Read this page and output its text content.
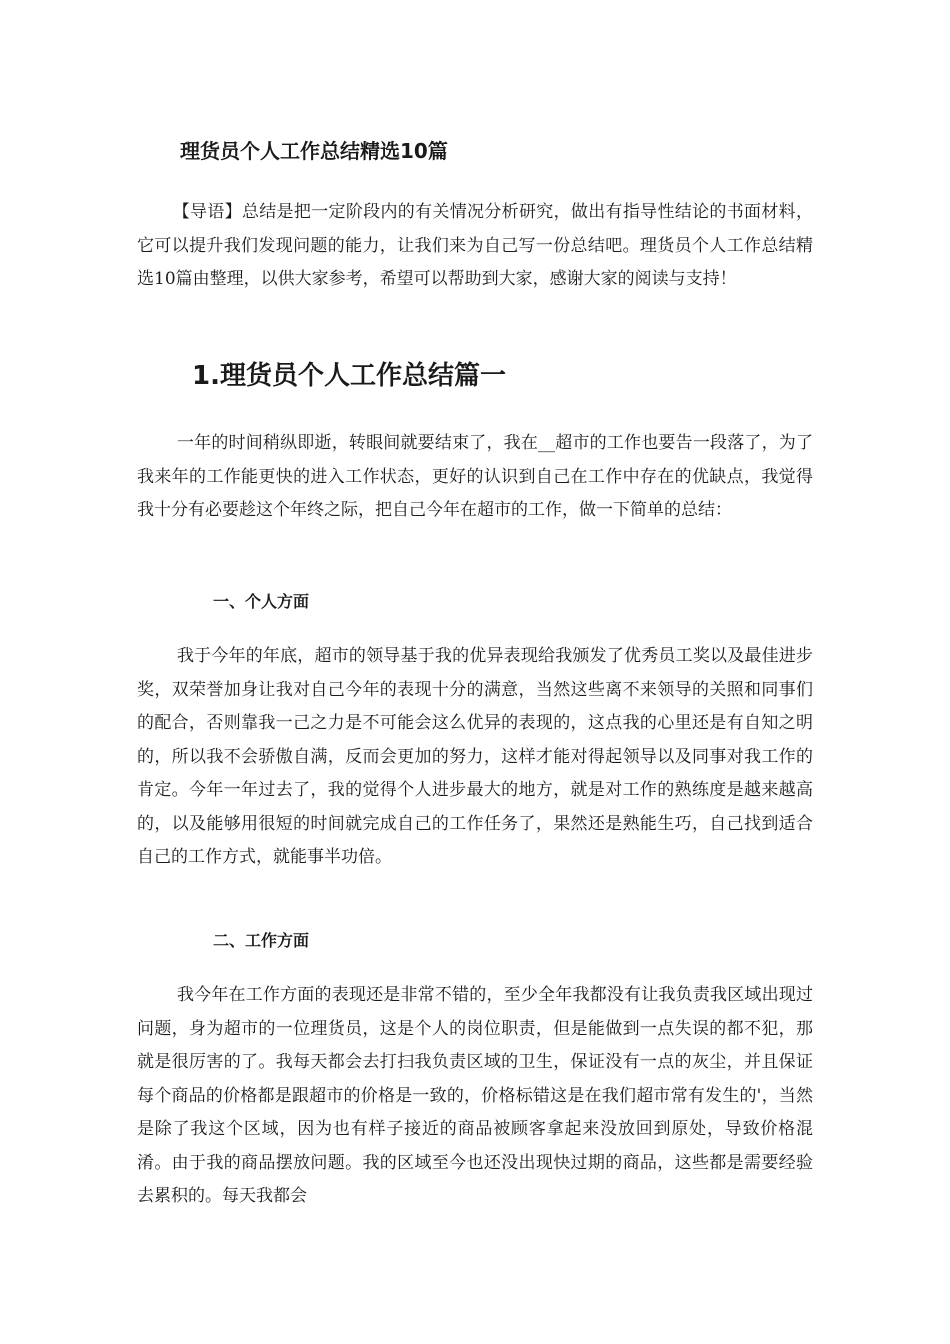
理货员个人工作总结精选10篇

【导语】总结是把一定阶段内的有关情况分析研究，做出有指导性结论的书面材料，它可以提升我们发现问题的能力，让我们来为自己写一份总结吧。理货员个人工作总结精选10篇由整理，以供大家参考，希望可以帮助到大家，感谢大家的阅读与支持！

1.理货员个人工作总结篇一

一年的时间稍纵即逝，转眼间就要结束了，我在__超市的工作也要告一段落了，为了我来年的工作能更快的进入工作状态，更好的认识到自己在工作中存在的优缺点，我觉得我十分有必要趁这个年终之际，把自己今年在超市的工作，做一下简单的总结：

一、个人方面

我于今年的年底，超市的领导基于我的优异表现给我颁发了优秀员工奖以及最佳进步奖，双荣誉加身让我对自己今年的表现十分的满意，当然这些离不来领导的关照和同事们的配合，否则靠我一己之力是不可能会这么优异的表现的，这点我的心里还是有自知之明的，所以我不会骄傲自满，反而会更加的努力，这样才能对得起领导以及同事对我工作的肯定。今年一年过去了，我的觉得个人进步最大的地方，就是对工作的熟练度是越来越高的，以及能够用很短的时间就完成自己的工作任务了，果然还是熟能生巧，自己找到适合自己的工作方式，就能事半功倍。

二、工作方面

我今年在工作方面的表现还是非常不错的，至少全年我都没有让我负责我区域出现过问题，身为超市的一位理货员，这是个人的岗位职责，但是能做到一点失误的都不犯，那就是很厉害的了。我每天都会去打扫我负责区域的卫生，保证没有一点的灰尘，并且保证每个商品的价格都是跟超市的价格是一致的，价格标错这是在我们超市常有发生的'，当然是除了我这个区域，因为也有样子接近的商品被顾客拿起来没放回到原处，导致价格混淆。由于我的商品摆放问题。我的区域至今也还没出现快过期的商品，这些都是需要经验去累积的。每天我都会
